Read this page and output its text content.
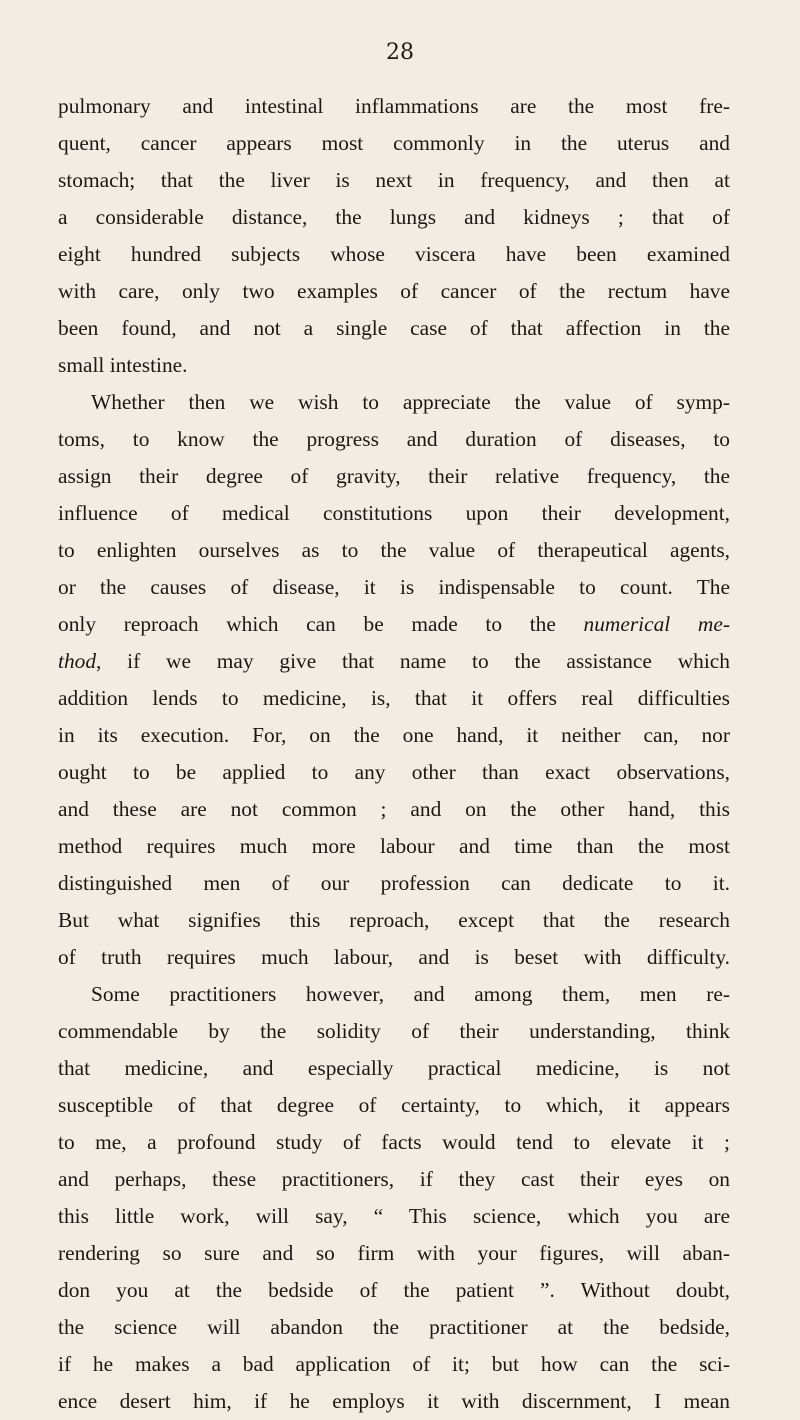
28
pulmonary and intestinal inflammations are the most fre-
quent, cancer appears most commonly in the uterus and
stomach; that the liver is next in frequency, and then at
a considerable distance, the lungs and kidneys ; that of
eight hundred subjects whose viscera have been examined
with care, only two examples of cancer of the rectum have
been found, and not a single case of that affection in the
small intestine.
Whether then we wish to appreciate the value of symp-
toms, to know the progress and duration of diseases, to
assign their degree of gravity, their relative frequency, the
influence of medical constitutions upon their development,
to enlighten ourselves as to the value of therapeutical agents,
or the causes of disease, it is indispensable to count. The
only reproach which can be made to the numerical me-
thod, if we may give that name to the assistance which
addition lends to medicine, is, that it offers real difficulties
in its execution. For, on the one hand, it neither can, nor
ought to be applied to any other than exact observations,
and these are not common ; and on the other hand, this
method requires much more labour and time than the most
distinguished men of our profession can dedicate to it.
But what signifies this reproach, except that the research
of truth requires much labour, and is beset with difficulty.
Some practitioners however, and among them, men re-
commendable by the solidity of their understanding, think
that medicine, and especially practical medicine, is not
susceptible of that degree of certainty, to which, it appears
to me, a profound study of facts would tend to elevate it ;
and perhaps, these practitioners, if they cast their eyes on
this little work, will say, “ This science, which you are
rendering so sure and so firm with your figures, will aban-
don you at the bedside of the patient ”. Without doubt,
the science will abandon the practitioner at the bedside,
if he makes a bad application of it; but how can the sci-
ence desert him, if he employs it with discernment, I mean
